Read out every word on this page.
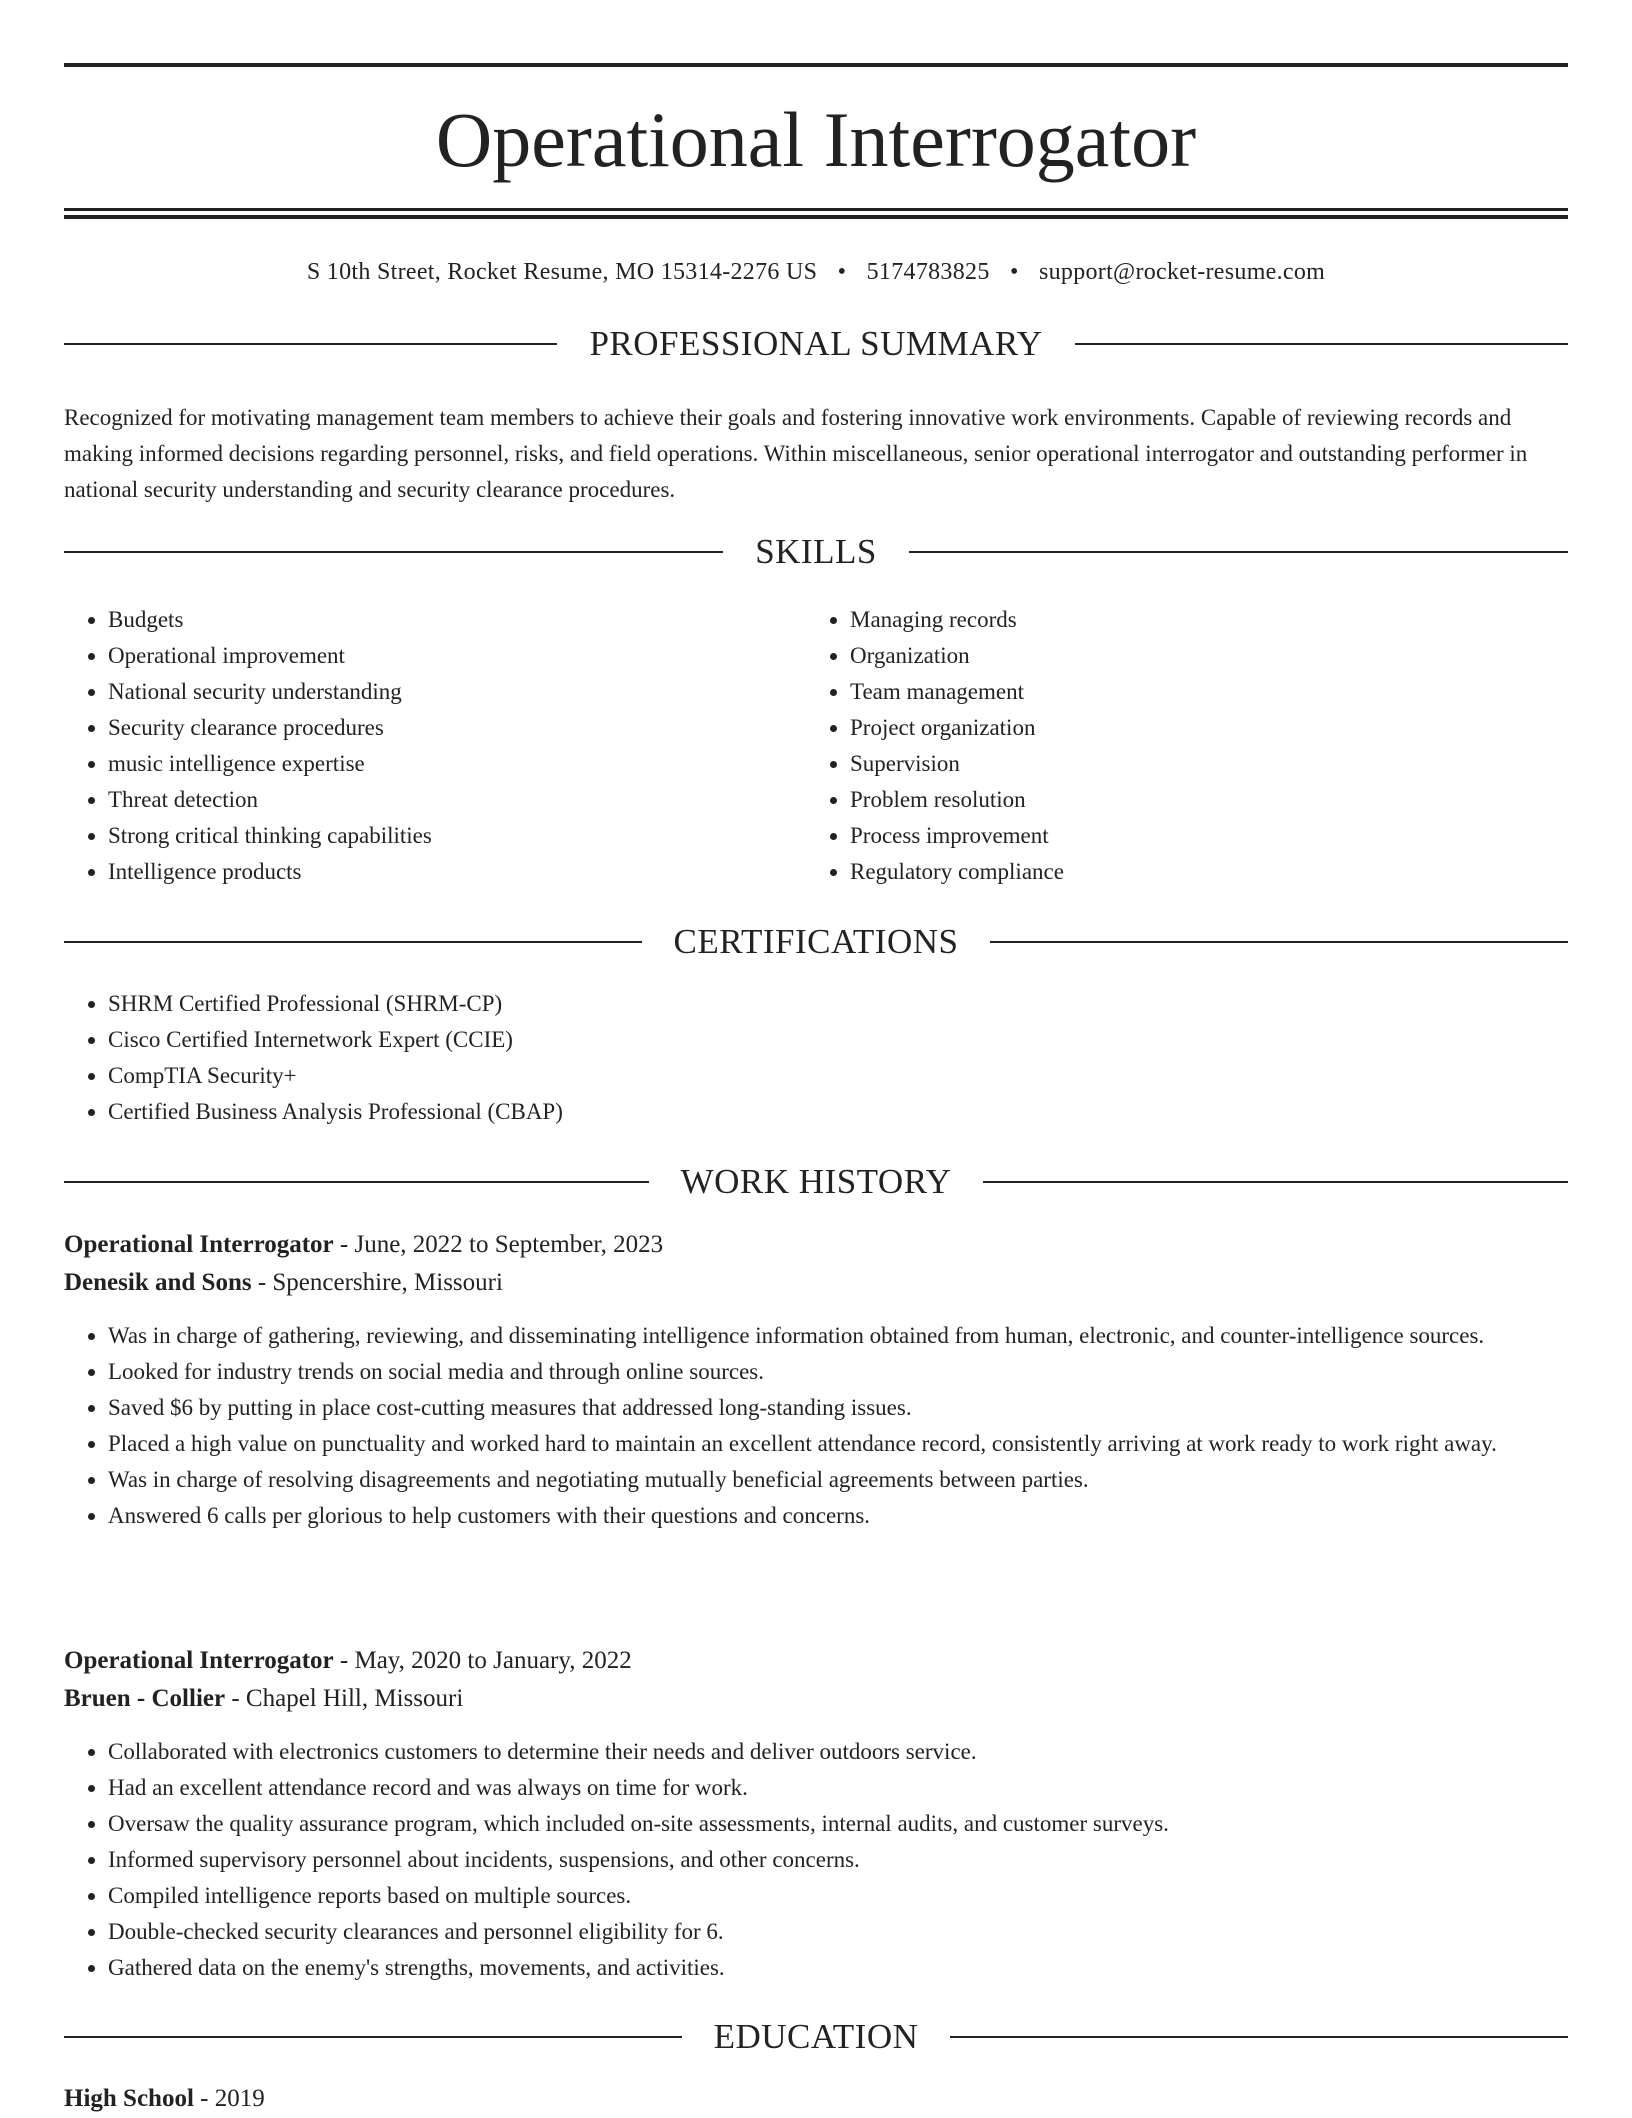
Operational Interrogator
S 10th Street, Rocket Resume, MO 15314-2276 US • 5174783825 • support@rocket-resume.com
PROFESSIONAL SUMMARY

Recognized for motivating management team members to achieve their goals and fostering innovative work environments. Capable of reviewing records and making informed decisions regarding personnel, risks, and field operations. Within miscellaneous, senior operational interrogator and outstanding performer in national security understanding and security clearance procedures.

SKILLS
• Budgets
• Operational improvement
• National security understanding
• Security clearance procedures
• music intelligence expertise
• Threat detection
• Strong critical thinking capabilities
• Intelligence products
• Managing records
• Organization
• Team management
• Project organization
• Supervision
• Problem resolution
• Process improvement
• Regulatory compliance
CERTIFICATIONS
• SHRM Certified Professional (SHRM-CP)
• Cisco Certified Internetwork Expert (CCIE)
• CompTIA Security+
• Certified Business Analysis Professional (CBAP)
WORK HISTORY
Operational Interrogator - June, 2022 to September, 2023
Denesik and Sons - Spencershire, Missouri
• Was in charge of gathering, reviewing, and disseminating intelligence information obtained from human, electronic, and counter-intelligence sources.
• Looked for industry trends on social media and through online sources.
• Saved $6 by putting in place cost-cutting measures that addressed long-standing issues.
• Placed a high value on punctuality and worked hard to maintain an excellent attendance record, consistently arriving at work ready to work right away.
• Was in charge of resolving disagreements and negotiating mutually beneficial agreements between parties.
• Answered 6 calls per glorious to help customers with their questions and concerns.
Operational Interrogator - May, 2020 to January, 2022
Bruen - Collier - Chapel Hill, Missouri
• Collaborated with electronics customers to determine their needs and deliver outdoors service.
• Had an excellent attendance record and was always on time for work.
• Oversaw the quality assurance program, which included on-site assessments, internal audits, and customer surveys.
• Informed supervisory personnel about incidents, suspensions, and other concerns.
• Compiled intelligence reports based on multiple sources.
• Double-checked security clearances and personnel eligibility for 6.
• Gathered data on the enemy's strengths, movements, and activities.
EDUCATION
High School - 2019
